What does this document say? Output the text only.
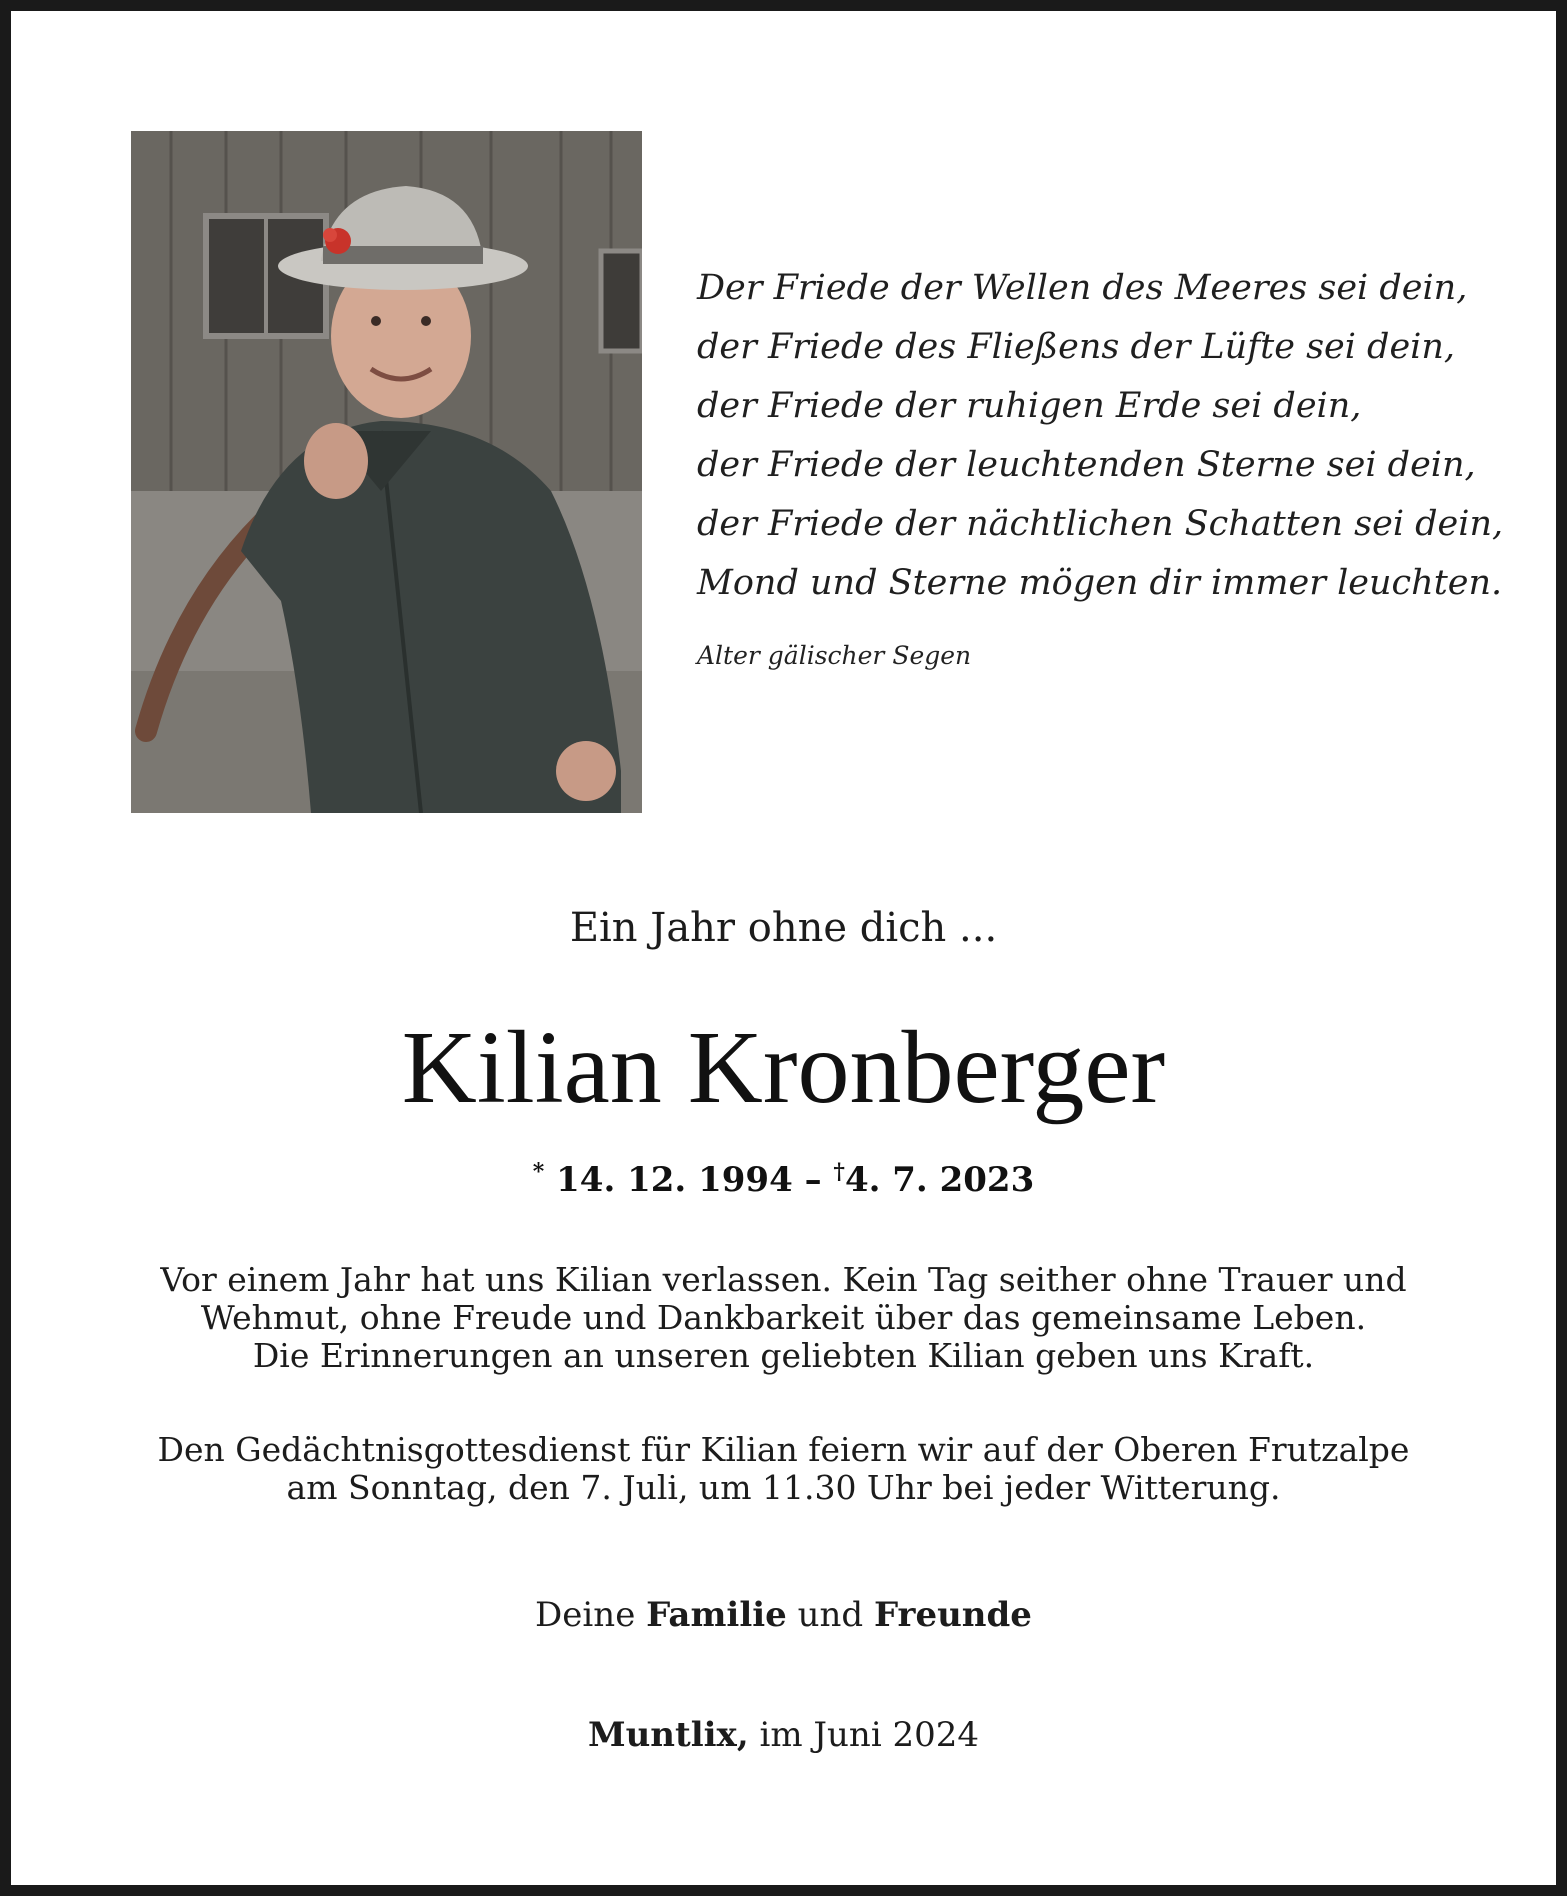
Der Friede der Wellen des Meeres sei dein,
der Friede des Fließens der Lüfte sei dein,
der Friede der ruhigen Erde sei dein,
der Friede der leuchtenden Sterne sei dein,
der Friede der nächtlichen Schatten sei dein,
Mond und Sterne mögen dir immer leuchten.
Alter gälischer Segen
Ein Jahr ohne dich ...
Kilian Kronberger
* 14. 12. 1994 – †4. 7. 2023
Vor einem Jahr hat uns Kilian verlassen. Kein Tag seither ohne Trauer und
Wehmut, ohne Freude und Dankbarkeit über das gemeinsame Leben.
Die Erinnerungen an unseren geliebten Kilian geben uns Kraft.
Den Gedächtnisgottesdienst für Kilian feiern wir auf der Oberen Frutzalpe
am Sonntag, den 7. Juli, um 11.30 Uhr bei jeder Witterung.
Deine Familie und Freunde
Muntlix, im Juni 2024
